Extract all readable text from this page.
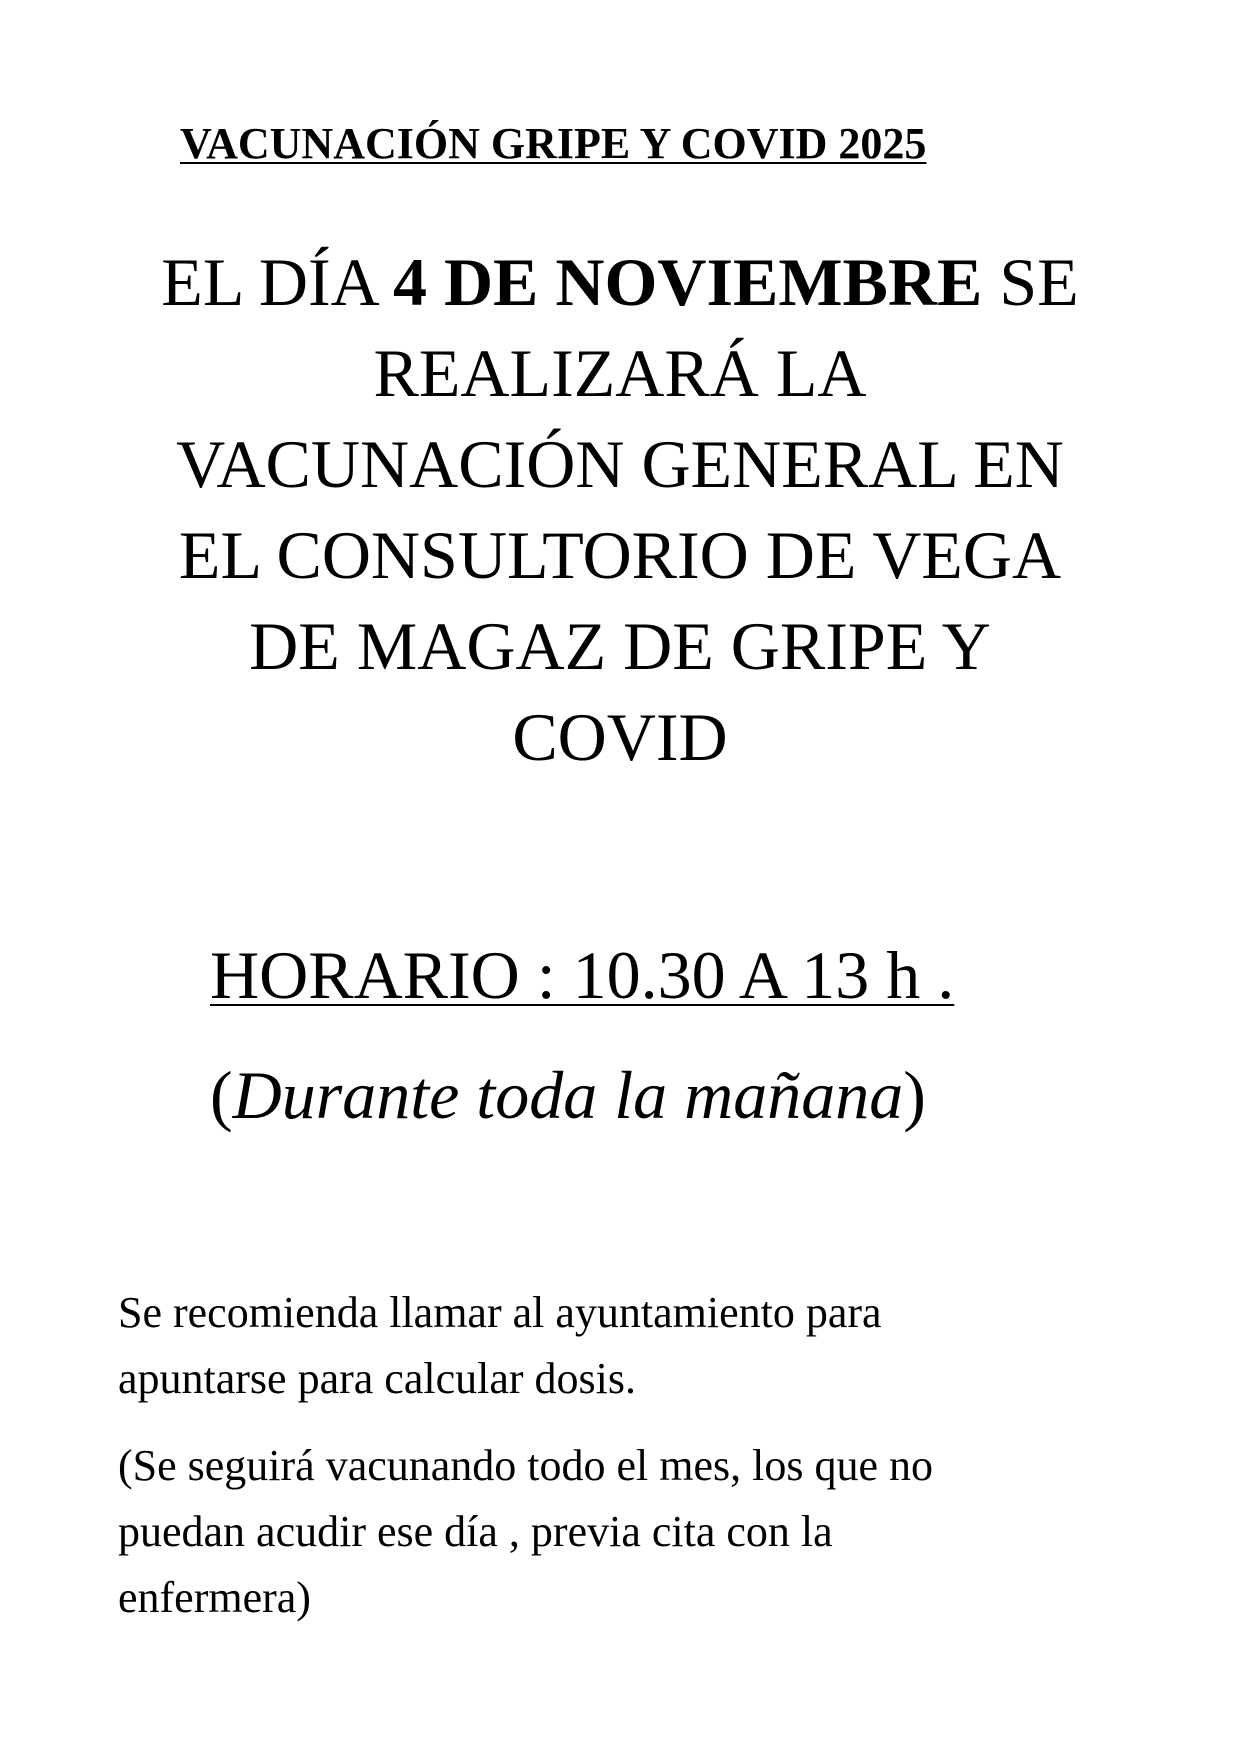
VACUNACIÓN GRIPE Y COVID 2025
EL DÍA 4 DE NOVIEMBRE SE
REALIZARÁ LA
VACUNACIÓN GENERAL EN
EL CONSULTORIO DE VEGA
DE MAGAZ DE GRIPE Y
COVID
HORARIO : 10.30 A 13 h .
(Durante toda la mañana)
Se recomienda llamar al ayuntamiento para
apuntarse para calcular dosis.
(Se seguirá vacunando todo el mes, los que no
puedan acudir ese día , previa cita con la
enfermera)
